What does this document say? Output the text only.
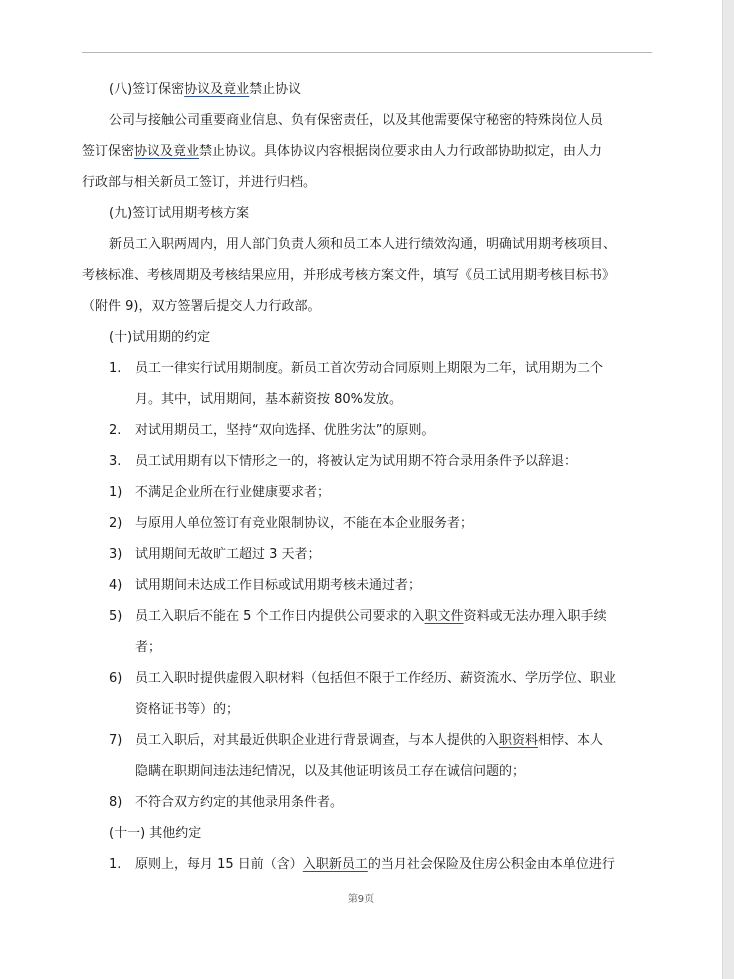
(八)签订保密协议及竟业禁止协议
公司与接触公司重要商业信息、负有保密责任，以及其他需要保守秘密的特殊岗位人员
签订保密协议及竟业禁止协议。具体协议内容根据岗位要求由人力行政部协助拟定，由人力
行政部与相关新员工签订，并进行归档。
(九)签订试用期考核方案
新员工入职两周内，用人部门负责人须和员工本人进行绩效沟通，明确试用期考核项目、
考核标准、考核周期及考核结果应用，并形成考核方案文件，填写《员工试用期考核目标书》
（附件 9)，双方签署后提交人力行政部。
(十)试用期的约定
1. 员工一律实行试用期制度。新员工首次劳动合同原则上期限为二年，试用期为二个
月。其中，试用期间，基本薪资按 80%发放。
2. 对试用期员工，坚持“双向选择、优胜劣汰”的原则。
3. 员工试用期有以下情形之一的，将被认定为试用期不符合录用条件予以辞退：
1) 不满足企业所在行业健康要求者；
2) 与原用人单位签订有竞业限制协议，不能在本企业服务者；
3) 试用期间无故旷工超过 3 天者；
4) 试用期间未达成工作目标或试用期考核未通过者；
5) 员工入职后不能在 5 个工作日内提供公司要求的入职文件资料或无法办理入职手续
者；
6) 员工入职时提供虚假入职材料（包括但不限于工作经历、薪资流水、学历学位、职业
资格证书等）的；
7) 员工入职后，对其最近供职企业进行背景调查，与本人提供的入职资料相悖、本人
隐瞒在职期间违法违纪情况，以及其他证明该员工存在诚信问题的；
8) 不符合双方约定的其他录用条件者。
(十一) 其他约定
1. 原则上，每月 15 日前（含）入职新员工的当月社会保险及住房公积金由本单位进行
第9页
